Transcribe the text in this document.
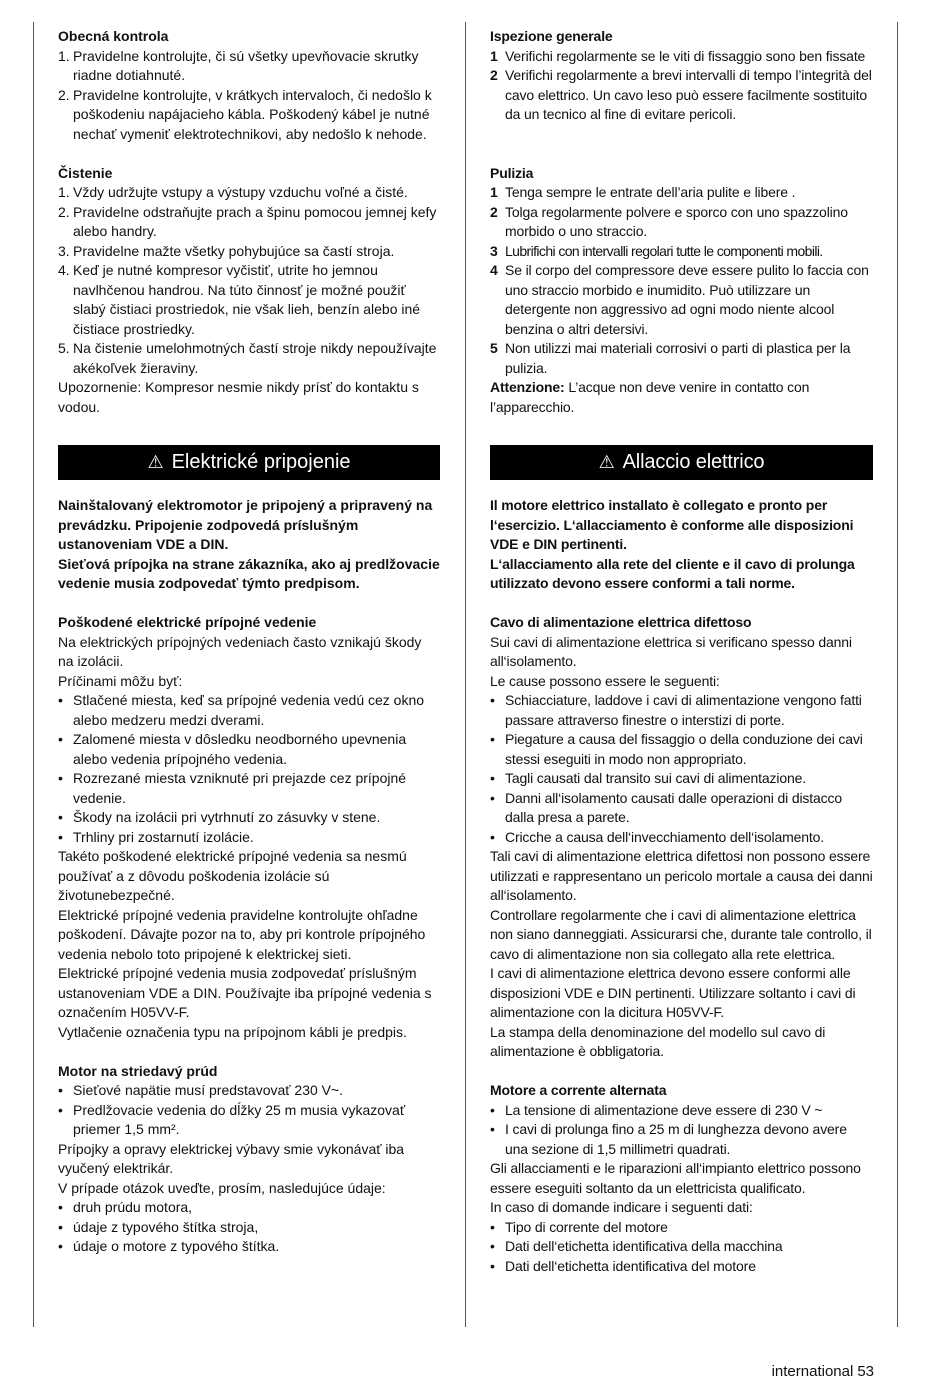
Obecná kontrola
1. Pravidelne kontrolujte, či sú všetky upevňovacie skrutky riadne dotiahnuté.
2. Pravidelne kontrolujte, v krátkych intervaloch, či nedošlo k poškodeniu napájacieho kábla. Poškodený kábel je nutné nechať vymeniť elektrotechnikovi, aby nedošlo k nehode.
Čistenie
1. Vždy udržujte vstupy a výstupy vzduchu voľné a čisté.
2. Pravidelne odstraňujte prach a špinu pomocou jemnej kefy alebo handry.
3. Pravidelne mažte všetky pohybujúce sa častí stroja.
4. Keď je nutné kompresor vyčistiť, utrite ho jemnou navlhčenou handrou. Na túto činnosť je možné použiť slabý čistiaci prostriedok, nie však lieh, benzín alebo iné čistiace prostriedky.
5. Na čistenie umelohmotných častí stroje nikdy nepoužívajte akékoľvek žieraviny.

Upozornenie: Kompresor nesmie nikdy prísť do kontaktu s vodou.

⚠ Elektrické pripojenie

Nainštalovaný elektromotor je pripojený a pripravený na prevádzku. Pripojenie zodpovedá príslušným ustanoveniam VDE a DIN.

Sieťová prípojka na strane zákazníka, ako aj predlžovacie vedenie musia zodpovedať týmto predpisom.

Poškodené elektrické prípojné vedenie

Na elektrických prípojných vedeniach často vznikajú škody na izolácii.

Príčinami môžu byť:

• Stlačené miesta, keď sa prípojné vedenia vedú cez okno alebo medzeru medzi dverami.
• Zalomené miesta v dôsledku neodborného upevnenia alebo vedenia prípojného vedenia.
• Rozrezané miesta vzniknuté pri prejazde cez prípojné vedenie.
• Škody na izolácii pri vytrhnutí zo zásuvky v stene.
• Trhliny pri zostarnutí izolácie.

Takéto poškodené elektrické prípojné vedenia sa nesmú používať a z dôvodu poškodenia izolácie sú životunebezpečné.

Elektrické prípojné vedenia pravidelne kontrolujte ohľadne poškodení. Dávajte pozor na to, aby pri kontrole prípojného vedenia nebolo toto pripojené k elektrickej sieti.

Elektrické prípojné vedenia musia zodpovedať príslušným ustanoveniam VDE a DIN. Používajte iba prípojné vedenia s označením H05VV-F.

Vytlačenie označenia typu na prípojnom kábli je predpis.

Motor na striedavý prúd
• Sieťové napätie musí predstavovať 230 V~.
• Predlžovacie vedenia do dĺžky 25 m musia vykazovať priemer 1,5 mm².

Prípojky a opravy elektrickej výbavy smie vykonávať iba vyučený elektrikár.

V prípade otázok uveďte, prosím, nasledujúce údaje:

• druh prúdu motora,
• údaje z typového štítka stroja,
• údaje o motore z typového štítka.
Ispezione generale
1 Verifichi regolarmente se le viti di fissaggio sono ben fissate
2 Verifichi regolarmente a brevi intervalli di tempo l’integrità del cavo elettrico. Un cavo leso può essere facilmente sostituito da un tecnico al fine di evitare pericoli.
Pulizia
1 Tenga sempre le entrate dell’aria pulite e libere .
2 Tolga regolarmente polvere e sporco con uno spazzolino morbido o uno straccio.
3 Lubrifichi con intervalli regolari tutte le componenti mobili.
4 Se il corpo del compressore deve essere pulito lo faccia con uno straccio morbido e inumidito. Può utilizzare un detergente non aggressivo ad ogni modo niente alcool benzina o altri detersivi.
5 Non utilizzi mai materiali corrosivi o parti di plastica per la pulizia.

Attenzione: L’acque non deve venire in contatto con l’apparecchio.

⚠ Allaccio elettrico

Il motore elettrico installato è collegato e pronto per l‘esercizio. L‘allacciamento è conforme alle disposizioni VDE e DIN pertinenti.

L‘allacciamento alla rete del cliente e il cavo di prolunga utilizzato devono essere conformi a tali norme.

Cavo di alimentazione elettrica difettoso

Sui cavi di alimentazione elettrica si verificano spesso danni all‘isolamento.

Le cause possono essere le seguenti:

• Schiacciature, laddove i cavi di alimentazione vengono fatti passare attraverso finestre o interstizi di porte.
• Piegature a causa del fissaggio o della conduzione dei cavi stessi eseguiti in modo non appropriato.
• Tagli causati dal transito sui cavi di alimentazione.
• Danni all‘isolamento causati dalle operazioni di distacco dalla presa a parete.
• Cricche a causa dell‘invecchiamento dell‘isolamento.

Tali cavi di alimentazione elettrica difettosi non possono essere utilizzati e rappresentano un pericolo mortale a causa dei danni all‘isolamento.

Controllare regolarmente che i cavi di alimentazione elettrica non siano danneggiati. Assicurarsi che, durante tale controllo, il cavo di alimentazione non sia collegato alla rete elettrica.

I cavi di alimentazione elettrica devono essere conformi alle disposizioni VDE e DIN pertinenti. Utilizzare soltanto i cavi di alimentazione con la dicitura H05VV-F.

La stampa della denominazione del modello sul cavo di alimentazione è obbligatoria.

Motore a corrente alternata
• La tensione di alimentazione deve essere di 230 V ~
• I cavi di prolunga fino a 25 m di lunghezza devono avere una sezione di 1,5 millimetri quadrati.

Gli allacciamenti e le riparazioni all‘impianto elettrico possono essere eseguiti soltanto da un elettricista qualificato.

In caso di domande indicare i seguenti dati:

• Tipo di corrente del motore
• Dati dell‘etichetta identificativa della macchina
• Dati dell‘etichetta identificativa del motore
international 53
